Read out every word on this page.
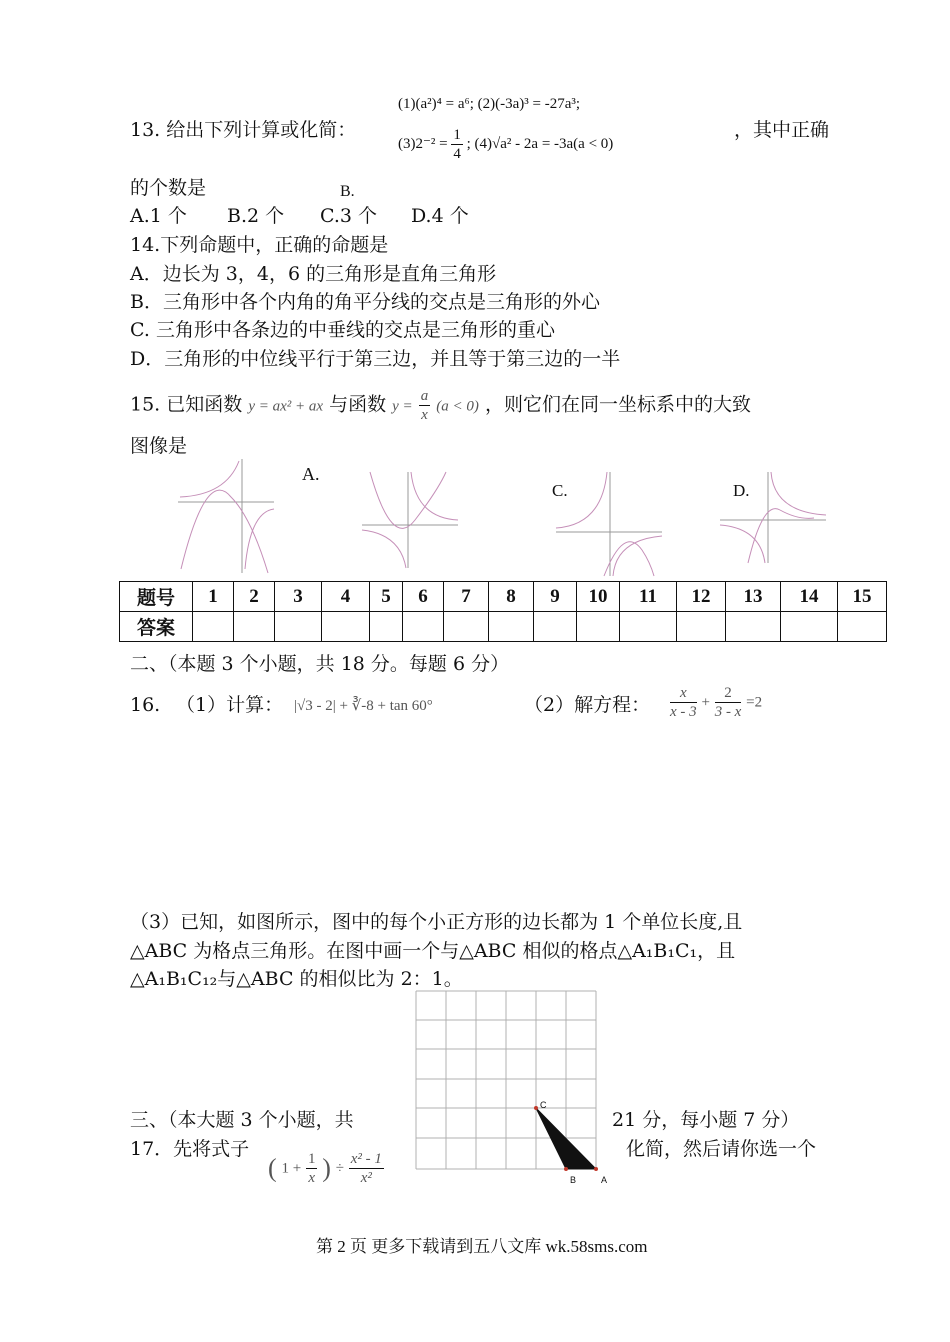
13. 给出下列计算或化简：
(1)(a²)⁴ = a⁶; (2)(-3a)³ = -27a³;
$(3)2^{-2} = \frac{1}{4}$ ; (4)√a² - 2a = -3a(a < 0)
，其中正确
的个数是	B.
A.1 个 B.2 个 C.3 个 D.4 个
14.下列命题中，正确的命题是
A．边长为 3，4，6 的三角形是直角三角形
B．三角形中各个内角的角平分线的交点是三角形的外心
C. 三角形中各条边的中垂线的交点是三角形的重心
D．三角形的中位线平行于第三边，并且等于第三边的一半
15. 已知函数 y = ax² + ax 与函数 $y = \frac{a}{x} (a < 0)$ ，则它们在同一坐标系中的大致
图像是
A.
C.	D.
题号	1	2	3	4	5	6	7	8	9	10	11	12	13	14	15
答案															
二、（本题 3 个小题，共 18 分。每题 6 分）
16. （1）计算： |√3 - 2| + ∛-8 + tan 60°	（2）解方程： $\frac{x}{x - 3} + \frac{2}{3 - x} =2$
（3）已知，如图所示，图中的每个小正方形的边长都为 1 个单位长度,且
△ABC 为格点三角形。在图中画一个与△ABC 相似的格点△A₁B₁C₁，且
△A₁B₁C₁₂与△ABC 的相似比为 2：1。
C
B	A
三、（本大题 3 个小题，共	21 分，每小题 7 分）
17．先将式子	化简，然后请你选一个
( $1 + \frac{1}{x}$ ) ÷ $\frac{\text{x² - 1}}{\text{x²}}$
第 2 页 更多下载请到五八文库 wk.58sms.com
